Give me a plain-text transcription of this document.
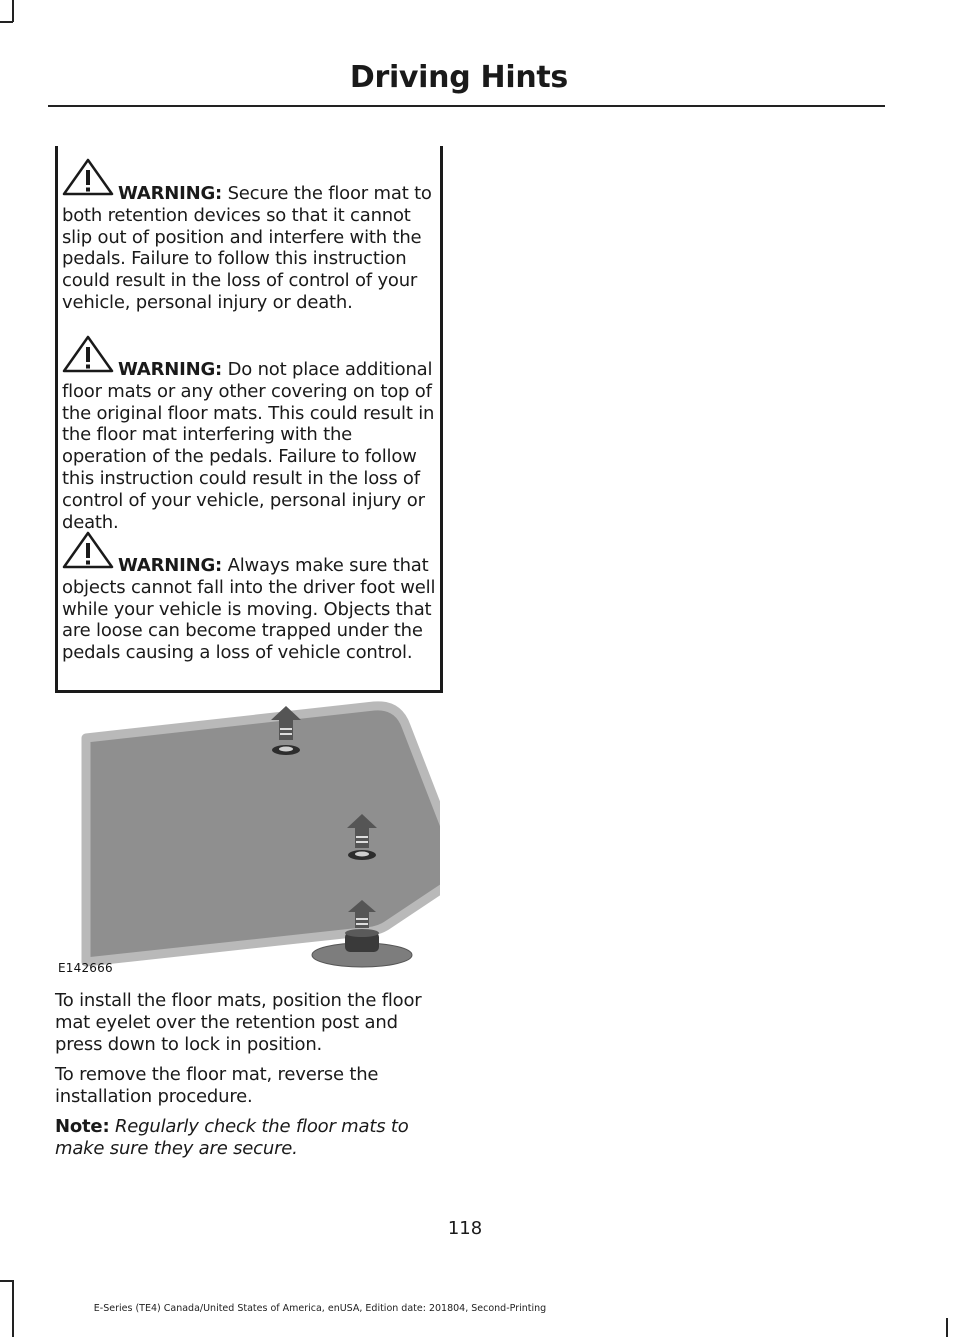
Driving Hints
WARNING: Secure the floor mat to both retention devices so that it cannot slip out of position and interfere with the pedals. Failure to follow this instruction could result in the loss of control of your vehicle, personal injury or death.
WARNING: Do not place additional floor mats or any other covering on top of the original floor mats. This could result in the floor mat interfering with the operation of the pedals. Failure to follow this instruction could result in the loss of control of your vehicle, personal injury or death.
WARNING: Always make sure that objects cannot fall into the driver foot well while your vehicle is moving. Objects that are loose can become trapped under the pedals causing a loss of vehicle control.
E142666
To install the floor mats, position the floor mat eyelet over the retention post and press down to lock in position.
To remove the floor mat, reverse the installation procedure.
Note: Regularly check the floor mats to make sure they are secure.
118
E-Series (TE4) Canada/United States of America, enUSA, Edition date: 201804, Second-Printing
